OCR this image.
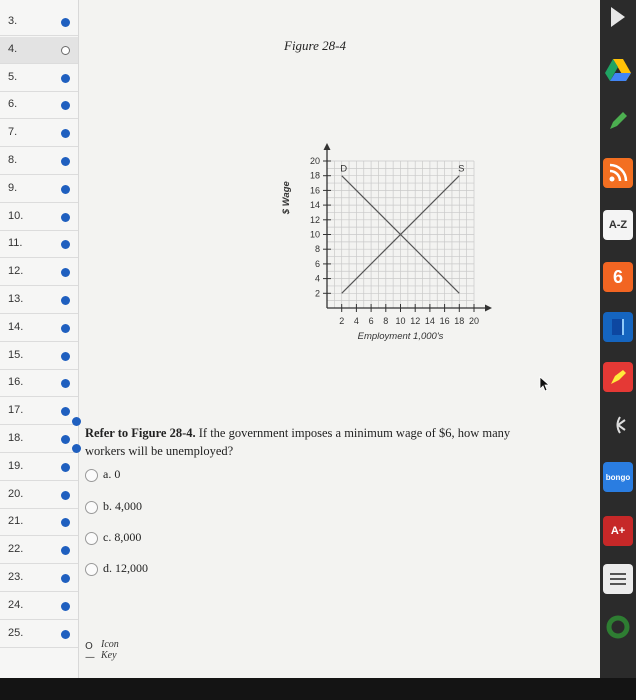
3.
4.
5.
6.
7.
8.
9.
10.
11.
12.
13.
14.
15.
16.
17.
18.
19.
20.
21.
22.
23.
24.
25.
Figure 28-4
2 4 6 8 10 12 14 16 18 20
2
4
6
8
10
12
14
16
18
20
Employment 1,000's
$ Wage
D	S
Refer to Figure 28-4. If the government imposes a minimum wage of $6, how many workers will be unemployed?
a. 0
b. 4,000
c. 8,000
d. 12,000
O—
Icon Key
A-Z
6
bongo
A+
